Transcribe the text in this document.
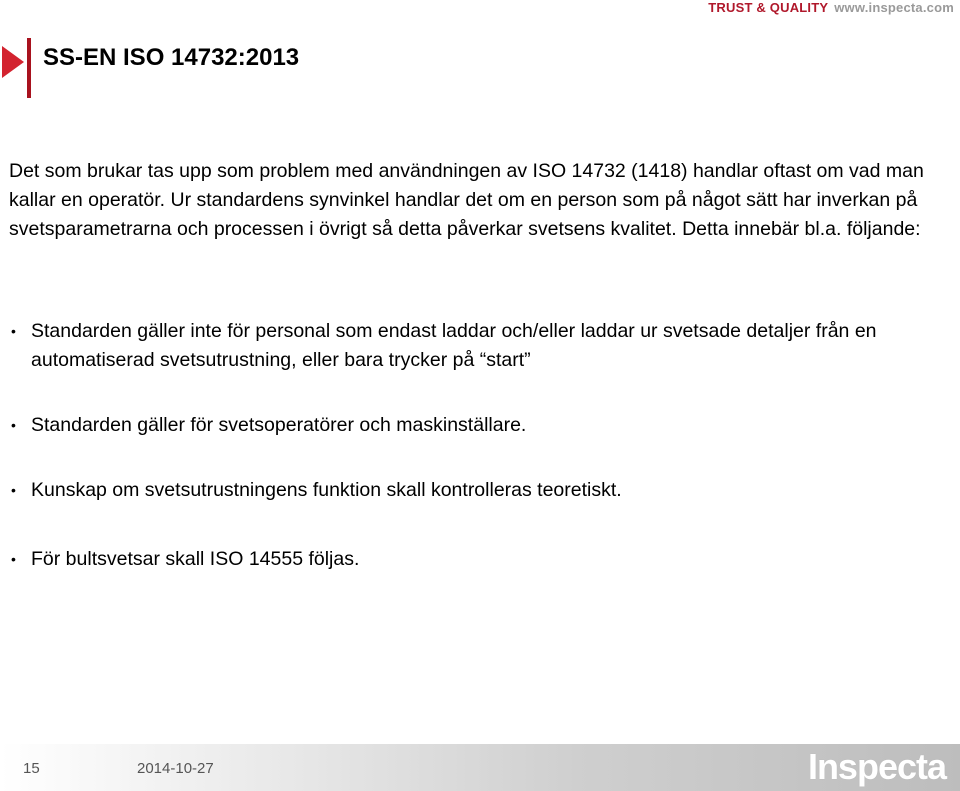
TRUST & QUALITY www.inspecta.com
SS-EN ISO 14732:2013

Det som brukar tas upp som problem med användningen av ISO 14732 (1418) handlar oftast om vad man kallar en operatör. Ur standardens synvinkel handlar det om en person som på något sätt har inverkan på svetsparametrarna och processen i övrigt så detta påverkar svetsens kvalitet. Detta innebär bl.a. följande:

• Standarden gäller inte för personal som endast laddar och/eller laddar ur svetsade detaljer från en automatiserad svetsutrustning, eller bara trycker på “start”
• Standarden gäller för svetsoperatörer och maskinställare.
• Kunskap om svetsutrustningens funktion skall kontrolleras teoretiskt.
• För bultsvetsar skall ISO 14555 följas.
15	2014-10-27	Inspecta
